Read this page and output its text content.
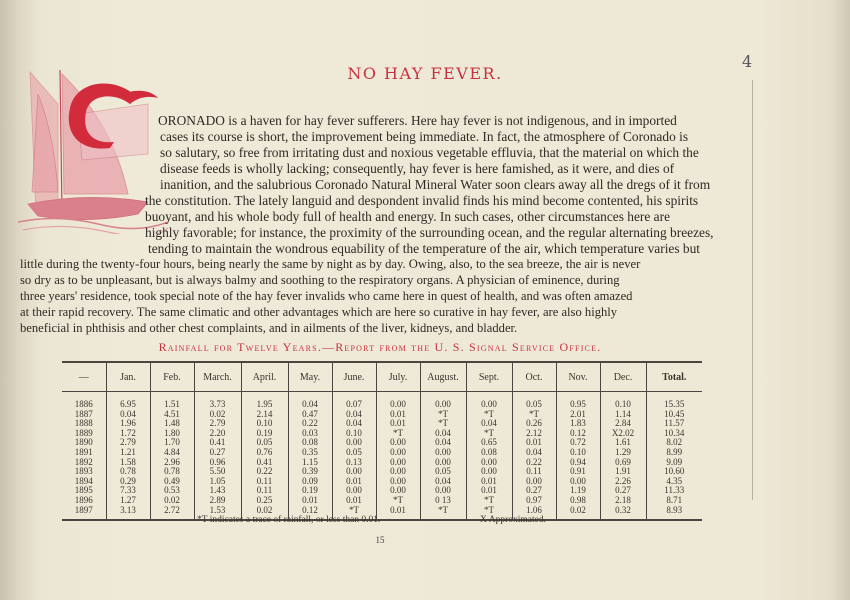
4
NO HAY FEVER.
ORONADO is a haven for hay fever sufferers. Here hay fever is not indigenous, and in imported
cases its course is short, the improvement being immediate. In fact, the atmosphere of Coronado is
so salutary, so free from irritating dust and noxious vegetable effluvia, that the material on which the
disease feeds is wholly lacking; consequently, hay fever is here famished, as it were, and dies of
inanition, and the salubrious Coronado Natural Mineral Water soon clears away all the dregs of it from
the constitution. The lately languid and despondent invalid finds his mind become contented, his spirits
buoyant, and his whole body full of health and energy. In such cases, other circumstances here are
highly favorable; for instance, the proximity of the surrounding ocean, and the regular alternating breezes,
tending to maintain the wondrous equability of the temperature of the air, which temperature varies but
little during the twenty-four hours, being nearly the same by night as by day. Owing, also, to the sea breeze, the air is never
so dry as to be unpleasant, but is always balmy and soothing to the respiratory organs. A physician of eminence, during
three years' residence, took special note of the hay fever invalids who came here in quest of health, and was often amazed
at their rapid recovery. The same climatic and other advantages which are here so curative in hay fever, are also highly
Rainfall for Twelve Years.—Report from the U. S. Signal Service Office.
—	Jan.	Feb.	March.	April.	May.	June.	July.	August.	Sept.	Oct.	Nov.	Dec.	Total.
1886	6.95	1.51	3.73	1.95	0.04	0.07	0.00	0.00	0.00	0.05	0.95	0.10	15.35
1887	0.04	4.51	0.02	2.14	0.47	0.04	0.01	*T	*T	*T	2.01	1.14	10.45
1888	1.96	1.48	2.79	0.10	0.22	0.04	0.01	*T	0.04	0.26	1.83	2.84	11.57
1889	1.72	1.80	2.20	0.19	0.03	0.10	*T	0.04	*T	2.12	0.12	X2.02	10.34
1890	2.79	1.70	0.41	0.05	0.08	0.00	0.00	0.04	0.65	0.01	0.72	1.61	8.02
1891	1.21	4.84	0.27	0.76	0.35	0.05	0.00	0.00	0.08	0.04	0.10	1.29	8.99
1892	1.58	2.96	0.96	0.41	1.15	0.13	0.00	0.00	0.00	0.22	0.94	0.69	9.09
1893	0.78	0.78	5.50	0.22	0.39	0.00	0.00	0.05	0.00	0.11	0.91	1.91	10.60
1894	0.29	0.49	1.05	0.11	0.09	0.01	0.00	0.04	0.01	0.00	0.00	2.26	4.35
1895	7.33	0.53	1.43	0.11	0.19	0.00	0.00	0.00	0.01	0.27	1.19	0.27	11.33
1896	1.27	0.02	2.89	0.25	0.01	0.01	*T	0 13	*T	0.97	0.98	2.18	8.71
1897	3.13	2.72	1.53	0.02	0.12	*T	0.01	*T	*T	1.06	0.02	0.32	8.93
*T indicates a trace of rainfall, or less than 0.01.	X Approximated.
15
beneficial in phthisis and other chest complaints, and in ailments of the liver, kidneys, and bladder.
